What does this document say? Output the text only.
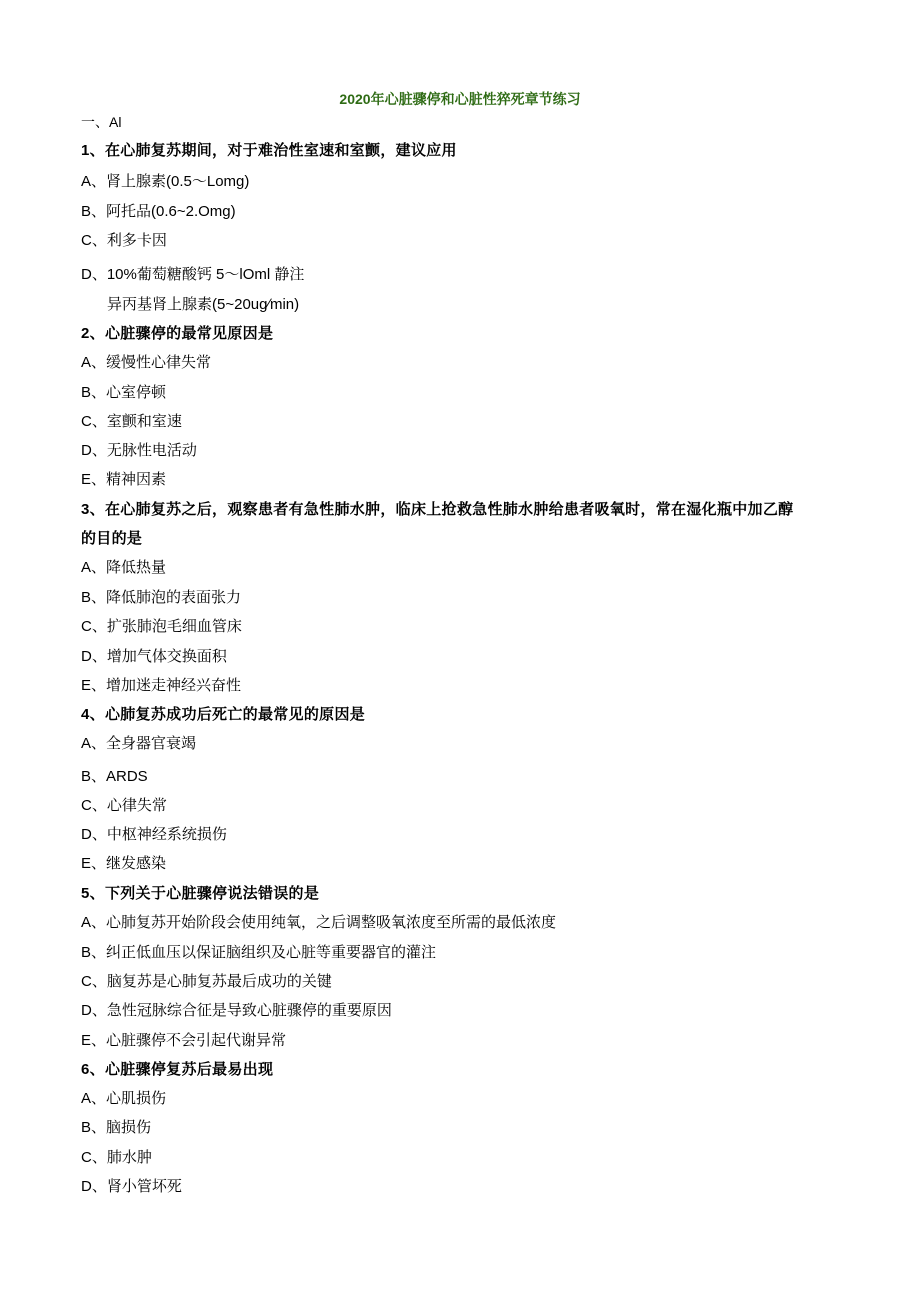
2020年心脏骤停和心脏性猝死章节练习
一、Al
1、在心肺复苏期间，对于难治性室速和室颤，建议应用
A、肾上腺素(0.5～Lomg)
B、阿托品(0.6~2.Omg)
C、利多卡因
D、10%葡萄糖酸钙 5～lOml 静注
异丙基肾上腺素(5~20ug∕min)
2、心脏骤停的最常见原因是
A、缓慢性心律失常
B、心室停顿
C、室颤和室速
D、无脉性电活动
E、精神因素
3、在心肺复苏之后，观察患者有急性肺水肿，临床上抢救急性肺水肿给患者吸氧时，常在湿化瓶中加乙醇
的目的是
A、降低热量
B、降低肺泡的表面张力
C、扩张肺泡毛细血管床
D、增加气体交换面积
E、增加迷走神经兴奋性
4、心肺复苏成功后死亡的最常见的原因是
A、全身器官衰竭
B、ARDS
C、心律失常
D、中枢神经系统损伤
E、继发感染
5、下列关于心脏骤停说法错误的是
A、心肺复苏开始阶段会使用纯氧，之后调整吸氧浓度至所需的最低浓度
B、纠正低血压以保证脑组织及心脏等重要器官的灌注
C、脑复苏是心肺复苏最后成功的关键
D、急性冠脉综合征是导致心脏骤停的重要原因
E、心脏骤停不会引起代谢异常
6、心脏骤停复苏后最易出现
A、心肌损伤
B、脑损伤
C、肺水肿
D、肾小管坏死
